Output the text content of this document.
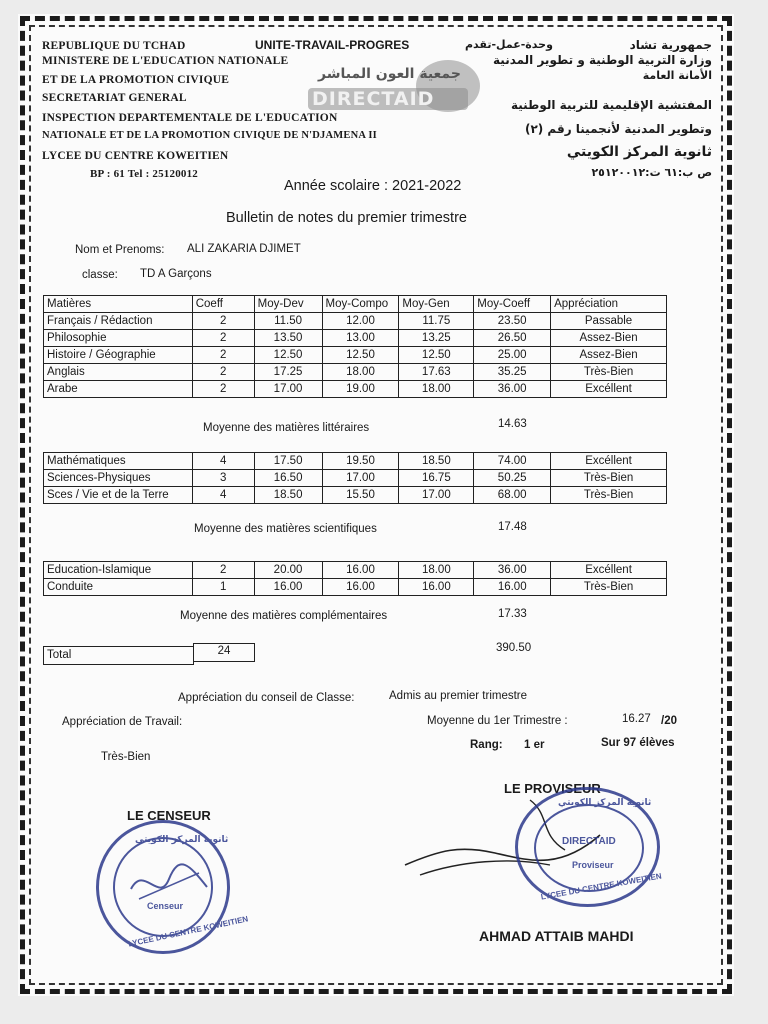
REPUBLIQUE DU TCHAD
MINISTERE DE L'EDUCATION NATIONALE
ET DE LA PROMOTION CIVIQUE
SECRETARIAT GENERAL
UNITE-TRAVAIL-PROGRES	وحدة-عمل-تقدم
جمعية العون المباشر
DIRECTAID
جمهورية تشاد
وزارة التربية الوطنية و تطوير المدنية
الأمانة العامة
INSPECTION DEPARTEMENTALE DE L'EDUCATION
NATIONALE ET DE LA PROMOTION CIVIQUE DE N'DJAMENA II
المفتشية الإقليمية للتربية الوطنية
وتطوير المدنية لأنجمينا رقم (٢)
LYCEE DU CENTRE KOWEITIEN	ثانوية المركز الكويتي
BP : 61 Tel : 25120012	ص ب:٦١ ت:٢٥١٢٠٠١٢
Année scolaire : 2021-2022
Bulletin de notes du premier trimestre
Nom et Prenoms: ALI ZAKARIA DJIMET
classe: TD A Garçons
Matières	Coeff	Moy-Dev	Moy-Compo	Moy-Gen	Moy-Coeff	Appréciation
Français / Rédaction	2	11.50	12.00	11.75	23.50	Passable
Philosophie	2	13.50	13.00	13.25	26.50	Assez-Bien
Histoire / Géographie	2	12.50	12.50	12.50	25.00	Assez-Bien
Anglais	2	17.25	18.00	17.63	35.25	Très-Bien
Arabe	2	17.00	19.00	18.00	36.00	Excéllent
Moyenne des matières littéraires	14.63
Mathématiques	4	17.50	19.50	18.50	74.00	Excéllent
Sciences-Physiques	3	16.50	17.00	16.75	50.25	Très-Bien
Sces / Vie et de la Terre	4	18.50	15.50	17.00	68.00	Très-Bien
Moyenne des matières scientifiques	17.48
Education-Islamique	2	20.00	16.00	18.00	36.00	Excéllent
Conduite	1	16.00	16.00	16.00	16.00	Très-Bien
Moyenne des matières complémentaires	17.33
Total	24	390.50
Appréciation du conseil de Classe:	Admis au premier trimestre
Appréciation de Travail:	Moyenne du 1er Trimestre :	16.27 /20
Rang: 1 er	Sur 97 élèves
Très-Bien
LE PROVISEUR
LE CENSEUR
LYCEE DU CENTRE KOWEITIEN
Censeur
ثانوية المركز الكويتي
LYCEE DU CENTRE KOWEITIEN
Proviseur
ثانوية المركز الكويتي
DIRECTAID
AHMAD ATTAIB MAHDI
